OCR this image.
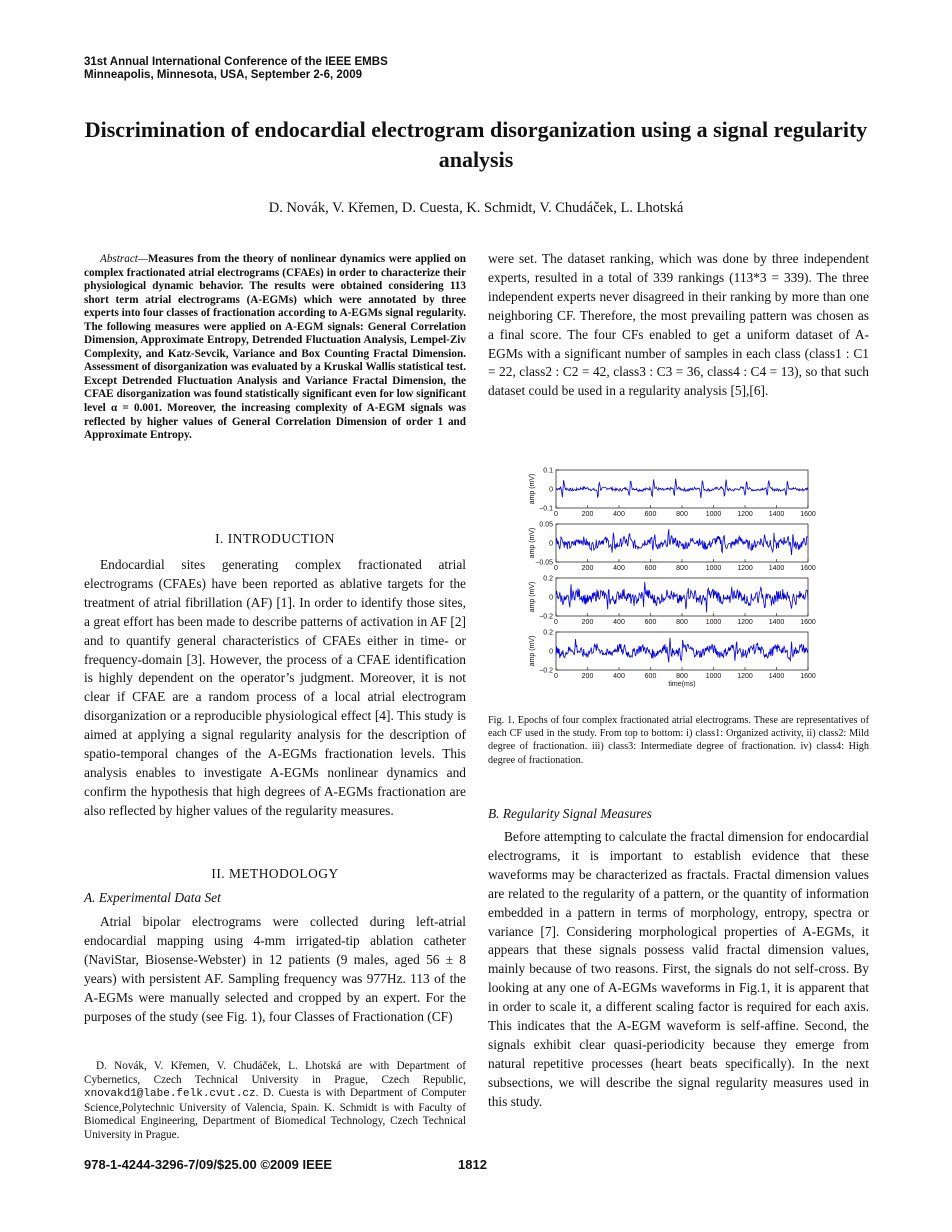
31st Annual International Conference of the IEEE EMBS
Minneapolis, Minnesota, USA, September 2-6, 2009
Discrimination of endocardial electrogram disorganization using a signal regularity analysis
D. Novák, V. Křemen, D. Cuesta, K. Schmidt, V. Chudáček, L. Lhotská
Abstract—Measures from the theory of nonlinear dynamics were applied on complex fractionated atrial electrograms (CFAEs) in order to characterize their physiological dynamic behavior. The results were obtained considering 113 short term atrial electrograms (A-EGMs) which were annotated by three experts into four classes of fractionation according to A-EGMs signal regularity. The following measures were applied on A-EGM signals: General Correlation Dimension, Approximate Entropy, Detrended Fluctuation Analysis, Lempel-Ziv Complexity, and Katz-Sevcik, Variance and Box Counting Fractal Dimension. Assessment of disorganization was evaluated by a Kruskal Wallis statistical test. Except Detrended Fluctuation Analysis and Variance Fractal Dimension, the CFAE disorganization was found statistically significant even for low significant level α = 0.001. Moreover, the increasing complexity of A-EGM signals was reflected by higher values of General Correlation Dimension of order 1 and Approximate Entropy.
I. INTRODUCTION

Endocardial sites generating complex fractionated atrial electrograms (CFAEs) have been reported as ablative targets for the treatment of atrial fibrillation (AF) [1]. In order to identify those sites, a great effort has been made to describe patterns of activation in AF [2] and to quantify general characteristics of CFAEs either in time- or frequency-domain [3]. However, the process of a CFAE identification is highly dependent on the operator’s judgment. Moreover, it is not clear if CFAE are a random process of a local atrial electrogram disorganization or a reproducible physiological effect [4]. This study is aimed at applying a signal regularity analysis for the description of spatio-temporal changes of the A-EGMs fractionation levels. This analysis enables to investigate A-EGMs nonlinear dynamics and confirm the hypothesis that high degrees of A-EGMs fractionation are also reflected by higher values of the regularity measures.

II. METHODOLOGY
A. Experimental Data Set

Atrial bipolar electrograms were collected during left-atrial endocardial mapping using 4-mm irrigated-tip ablation catheter (NaviStar, Biosense-Webster) in 12 patients (9 males, aged 56 ± 8 years) with persistent AF. Sampling frequency was 977Hz. 113 of the A-EGMs were manually selected and cropped by an expert. For the purposes of the study (see Fig. 1), four Classes of Fractionation (CF)

D. Novák, V. Křemen, V. Chudáček, L. Lhotská are with Department of Cybernetics, Czech Technical University in Prague, Czech Republic, xnovakd1@labe.felk.cvut.cz. D. Cuesta is with Department of Computer Science,Polytechnic University of Valencia, Spain. K. Schmidt is with Faculty of Biomedical Engineering, Department of Biomedical Technology, Czech Technical University in Prague.

were set. The dataset ranking, which was done by three independent experts, resulted in a total of 339 rankings (113*3 = 339). The three independent experts never disagreed in their ranking by more than one neighboring CF. Therefore, the most prevailing pattern was chosen as a final score. The four CFs enabled to get a uniform dataset of A-EGMs with a significant number of samples in each class (class1 : C1 = 22, class2 : C2 = 42, class3 : C3 = 36, class4 : C4 = 13), so that such dataset could be used in a regularity analysis [5],[6].

0.1
0
−0.1
0	200	400	600	800	1000 1200 1400 1600
amp (mV)
0.05
0
−0.05
0	200	400	600	800	1000 1200 1400 1600
amp (mV)
0.2
0
−0.2
0	200	400	600	800	1000 1200 1400 1600
amp (mV)
0.2
0
−0.2
0	200	400	600	800	1000 1200 1400 1600
amp (mV)
time(ms)
Fig. 1. Epochs of four complex fractionated atrial electrograms. These are representatives of each CF used in the study. From top to bottom: i) class1: Organized activity, ii) class2: Mild degree of fractionation. iii) class3: Intermediate degree of fractionation. iv) class4: High degree of fractionation.
B. Regularity Signal Measures

Before attempting to calculate the fractal dimension for endocardial electrograms, it is important to establish evidence that these waveforms may be characterized as fractals. Fractal dimension values are related to the regularity of a pattern, or the quantity of information embedded in a pattern in terms of morphology, entropy, spectra or variance [7]. Considering morphological properties of A-EGMs, it appears that these signals possess valid fractal dimension values, mainly because of two reasons. First, the signals do not self-cross. By looking at any one of A-EGMs waveforms in Fig.1, it is apparent that in order to scale it, a different scaling factor is required for each axis. This indicates that the A-EGM waveform is self-affine. Second, the signals exhibit clear quasi-periodicity because they emerge from natural repetitive processes (heart beats specifically). In the next subsections, we will describe the signal regularity measures used in this study.

978-1-4244-3296-7/09/$25.00 ©2009 IEEE	1812
